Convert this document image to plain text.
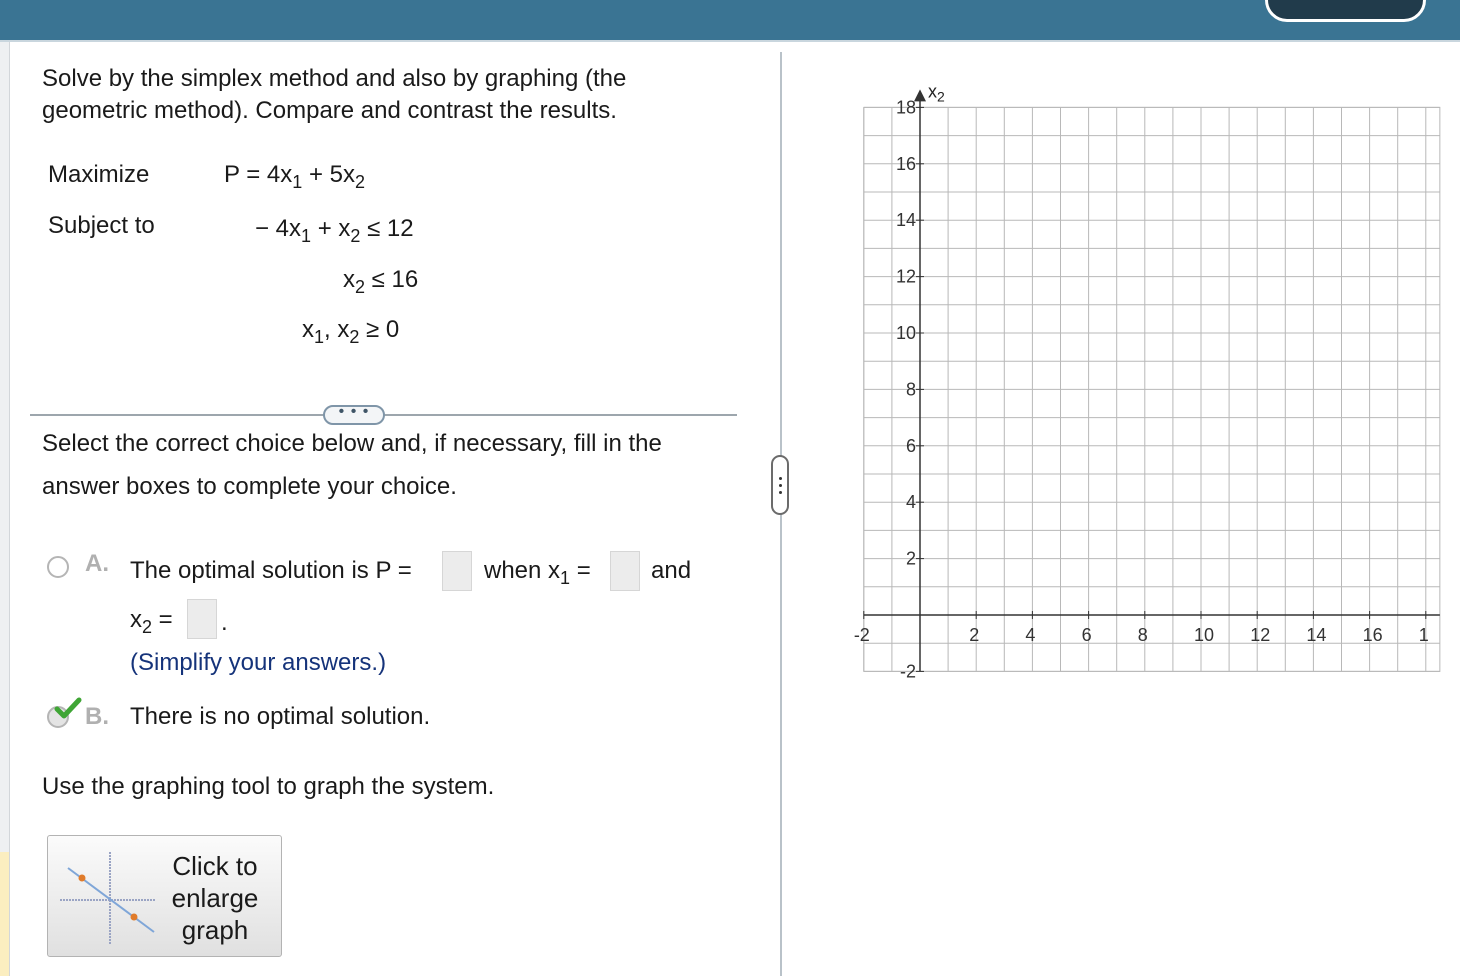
Solve by the simplex method and also by graphing (the geometric method). Compare and contrast the results.
Maximize	$P = 4x_1 + 5x_2$
Subject to	− $4x_1 + x_2 \le 12$
$x_2 \le 16$
$x_1$, $x_2 \ge 0$
• • •
Select the correct choice below and, if necessary, fill in the
answer boxes to complete your choice.
A. The optimal solution is P =	when $x_1$ =	and
$x_2$ = .
(Simplify your answers.)
B. There is no optimal solution.
Use the graphing tool to graph the system.
Click to
enlarge
graph
$x_2$
-2	2	4	6	8	10 12 14 16 1
18
16
14
12
10
8
6
4
2
-2
